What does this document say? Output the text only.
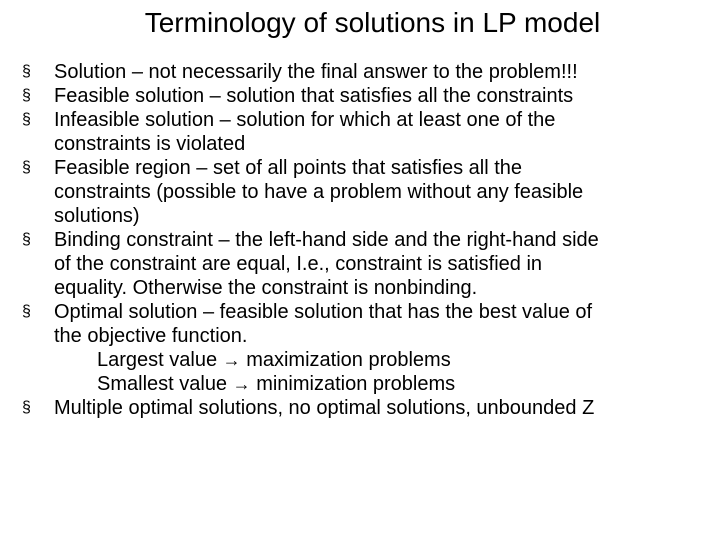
Terminology of solutions in LP model
§	Solution – not necessarily the final answer to the problem!!!
§	Feasible solution – solution that satisfies all the constraints
§	Infeasible solution – solution for which at least one of the
constraints is violated
§	Feasible region – set of all points that satisfies all the
constraints (possible to have a problem without any feasible
solutions)
§	Binding constraint – the left-hand side and the right-hand side
of the constraint are equal, I.e., constraint is satisfied in
equality. Otherwise the constraint is nonbinding.
§	Optimal solution – feasible solution that has the best value of
the objective function.
Largest value → maximization problems
Smallest value → minimization problems
§	Multiple optimal solutions, no optimal solutions, unbounded Z
